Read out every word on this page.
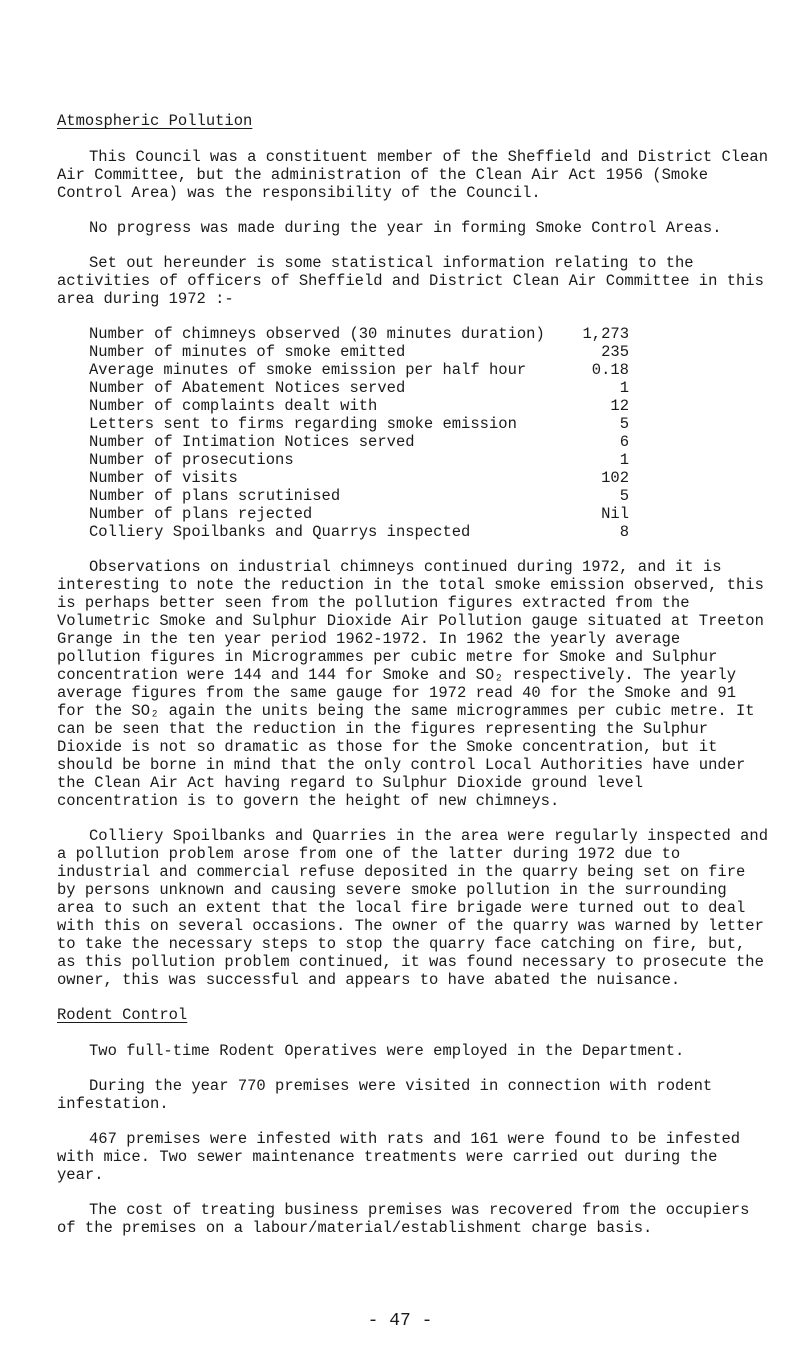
Atmospheric Pollution

This Council was a constituent member of the Sheffield and District Clean Air Committee, but the administration of the Clean Air Act 1956 (Smoke Control Area) was the responsibility of the Council.

No progress was made during the year in forming Smoke Control Areas.

Set out hereunder is some statistical information relating to the activities of officers of Sheffield and District Clean Air Committee in this area during 1972 :-

Number of chimneys observed (30 minutes duration) 1,273
Number of minutes of smoke emitted	235
Average minutes of smoke emission per half hour	0.18
Number of Abatement Notices served	1
Number of complaints dealt with	12
Letters sent to firms regarding smoke emission	5
Number of Intimation Notices served	6
Number of prosecutions	1
Number of visits	102
Number of plans scrutinised	5
Number of plans rejected	Nil
Colliery Spoilbanks and Quarrys inspected	8

Observations on industrial chimneys continued during 1972, and it is interesting to note the reduction in the total smoke emission observed, this is perhaps better seen from the pollution figures extracted from the Volumetric Smoke and Sulphur Dioxide Air Pollution gauge situated at Treeton Grange in the ten year period 1962-1972. In 1962 the yearly average pollution figures in Microgrammes per cubic metre for Smoke and Sulphur concentration were 144 and 144 for Smoke and SO₂ respectively. The yearly average figures from the same gauge for 1972 read 40 for the Smoke and 91 for the SO₂ again the units being the same microgrammes per cubic metre. It can be seen that the reduction in the figures representing the Sulphur Dioxide is not so dramatic as those for the Smoke concentration, but it should be borne in mind that the only control Local Authorities have under the Clean Air Act having regard to Sulphur Dioxide ground level concentration is to govern the height of new chimneys.

Colliery Spoilbanks and Quarries in the area were regularly inspected and a pollution problem arose from one of the latter during 1972 due to industrial and commercial refuse deposited in the quarry being set on fire by persons unknown and causing severe smoke pollution in the surrounding area to such an extent that the local fire brigade were turned out to deal with this on several occasions. The owner of the quarry was warned by letter to take the necessary steps to stop the quarry face catching on fire, but, as this pollution problem continued, it was found necessary to prosecute the owner, this was successful and appears to have abated the nuisance.

Rodent Control

Two full-time Rodent Operatives were employed in the Department.

During the year 770 premises were visited in connection with rodent infestation.

467 premises were infested with rats and 161 were found to be infested with mice. Two sewer maintenance treatments were carried out during the year.

The cost of treating business premises was recovered from the occupiers of the premises on a labour/material/establishment charge basis.

- 47 -
